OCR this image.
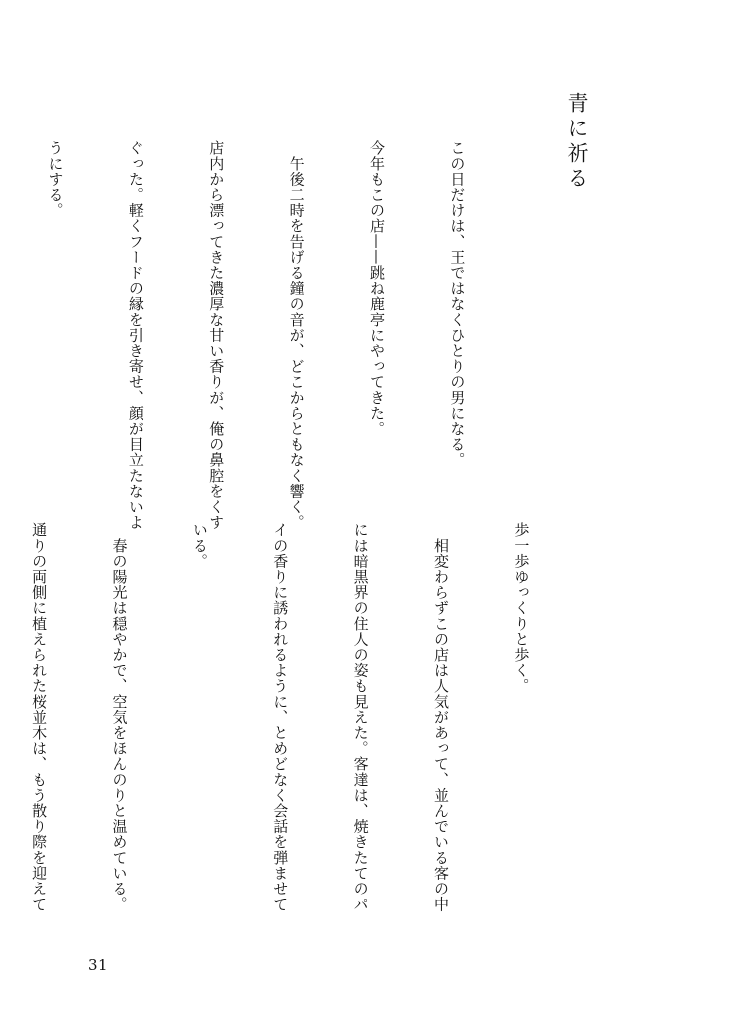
青に祈る

この日だけは、王ではなくひとりの男になる。

今年もこの店——跳ね鹿亭にやってきた。

　午後二時を告げる鐘の音が、どこからともなく響く。

店内から漂ってきた濃厚な甘い香りが、俺の鼻腔をくす

ぐった。軽くフードの縁を引き寄せ、顔が目立たないよ

うにする。

歩一歩ゆっくりと歩く。

　相変わらずこの店は人気があって、並んでいる客の中

には暗黒界の住人の姿も見えた。客達は、焼きたてのパ

イの香りに誘われるように、とめどなく会話を弾ませて

いる。

　春の陽光は穏やかで、空気をほんのりと温めている。

通りの両側に植えられた桜並木は、もう散り際を迎えて

31
